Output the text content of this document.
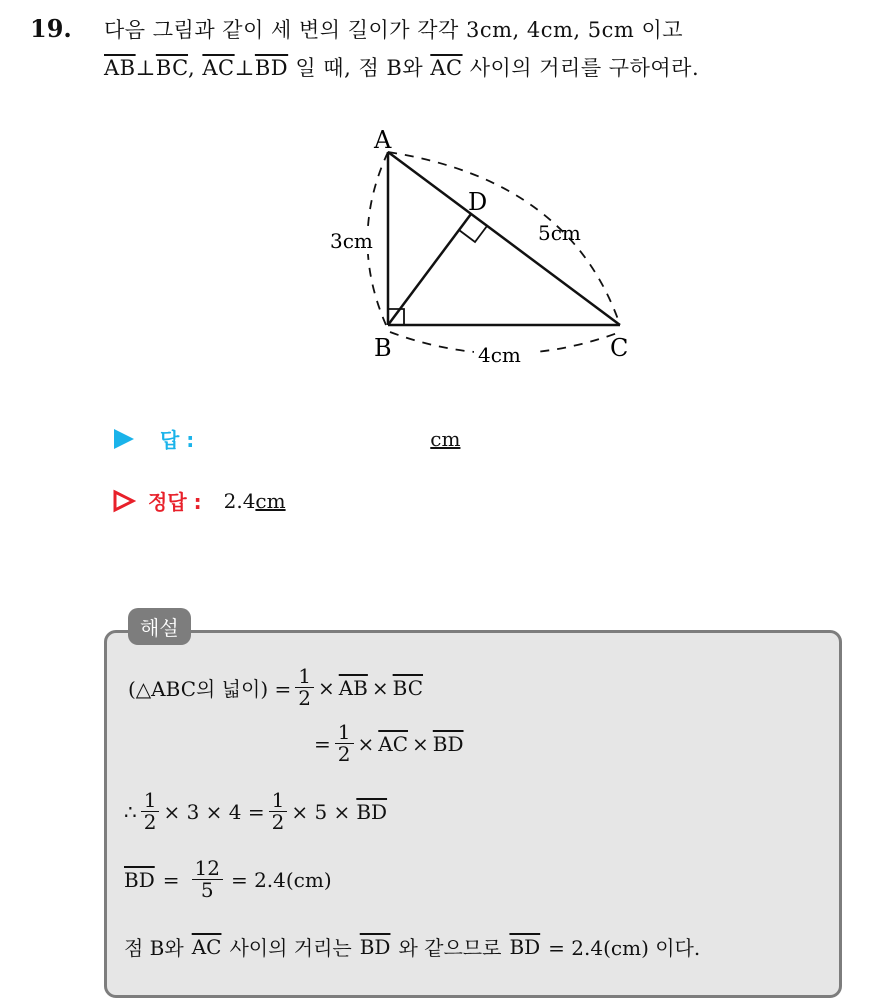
19. 다음 그림과 같이 세 변의 길이가 각각 3cm, 4cm, 5cm 이고
$\overline{AB}\perp\overline{BC}$, $\overline{AC}\perp\overline{BD}$ 일 때, 점 B와 $\overline{AC}$ 사이의 거리를 구하여라.
A
D
B	C
3cm	5cm
4cm
답 :	cm
정답 : 2.4 cm
해설
(△ABC의 넓이) = $\frac{1}{2} \times \overline{AB} \times \overline{BC}$
= $\frac{1}{2} \times \overline{AC} \times \overline{BD}$
∴ $\frac{1}{2} \times 3 \times 4 = \frac{1}{2} \times 5 \times \overline{BD}$
$\overline{BD} = \frac{12}{5} = 2.4(cm)$
점 B와 $\overline{AC}$ 사이의 거리는 $\overline{BD}$ 와 같으므로 $\overline{BD} = 2.4(cm)$ 이다.
